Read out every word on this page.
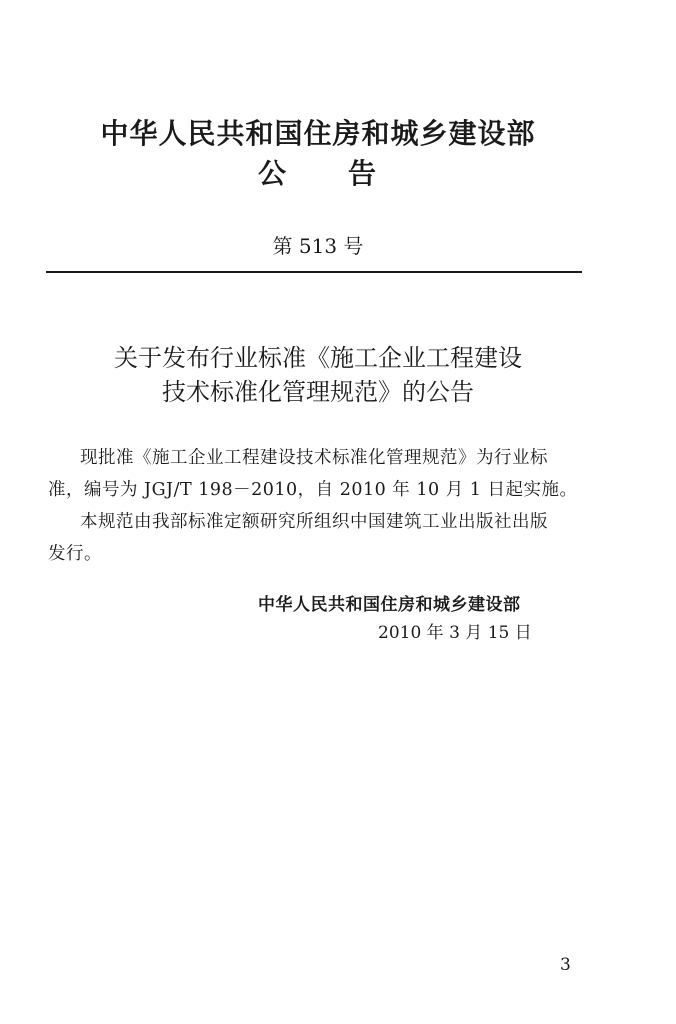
中华人民共和国住房和城乡建设部
公　　告
第 513 号
关于发布行业标准《施工企业工程建设
技术标准化管理规范》的公告
现批准《施工企业工程建设技术标准化管理规范》为行业标
准，编号为 JGJ/T 198－2010，自 2010 年 10 月 1 日起实施。
本规范由我部标准定额研究所组织中国建筑工业出版社出版
发行。
中华人民共和国住房和城乡建设部
2010 年 3 月 15 日
3
